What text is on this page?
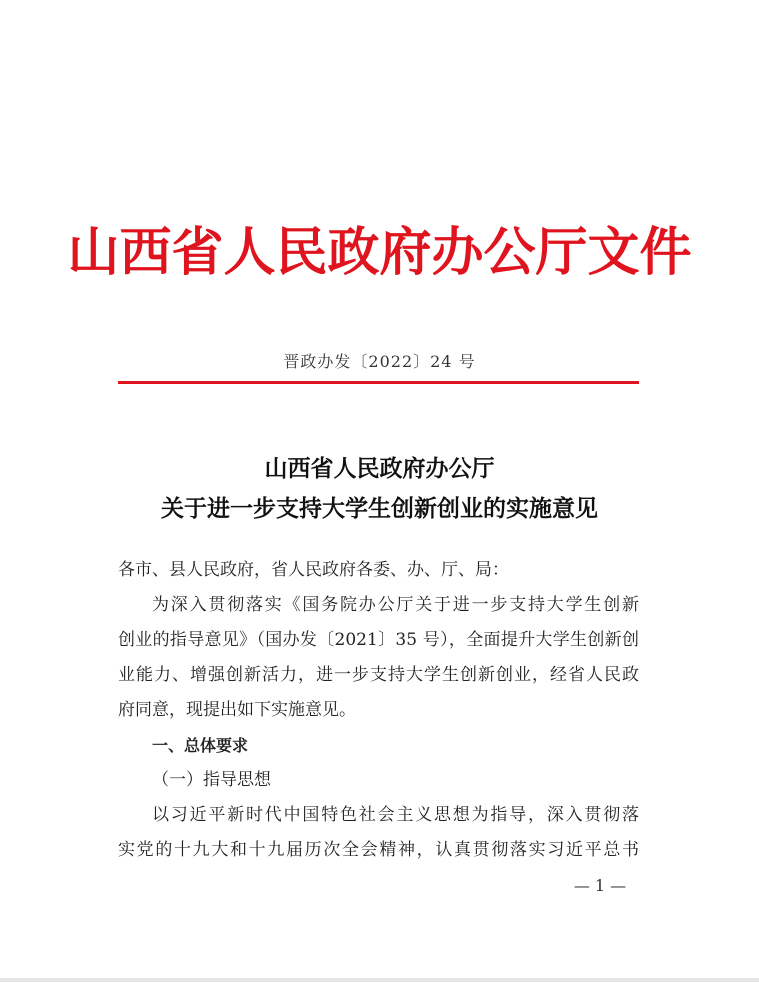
山西省人民政府办公厅文件
晋政办发〔2022〕24 号
山西省人民政府办公厅
关于进一步支持大学生创新创业的实施意见
各市、县人民政府，省人民政府各委、办、厅、局：
为深入贯彻落实《国务院办公厅关于进一步支持大学生创新
创业的指导意见》（国办发〔2021〕35 号），全面提升大学生创新创
业能力、增强创新活力，进一步支持大学生创新创业，经省人民政
府同意，现提出如下实施意见。
一、总体要求
（一）指导思想
以习近平新时代中国特色社会主义思想为指导，深入贯彻落
实党的十九大和十九届历次全会精神，认真贯彻落实习近平总书
— 1 —
